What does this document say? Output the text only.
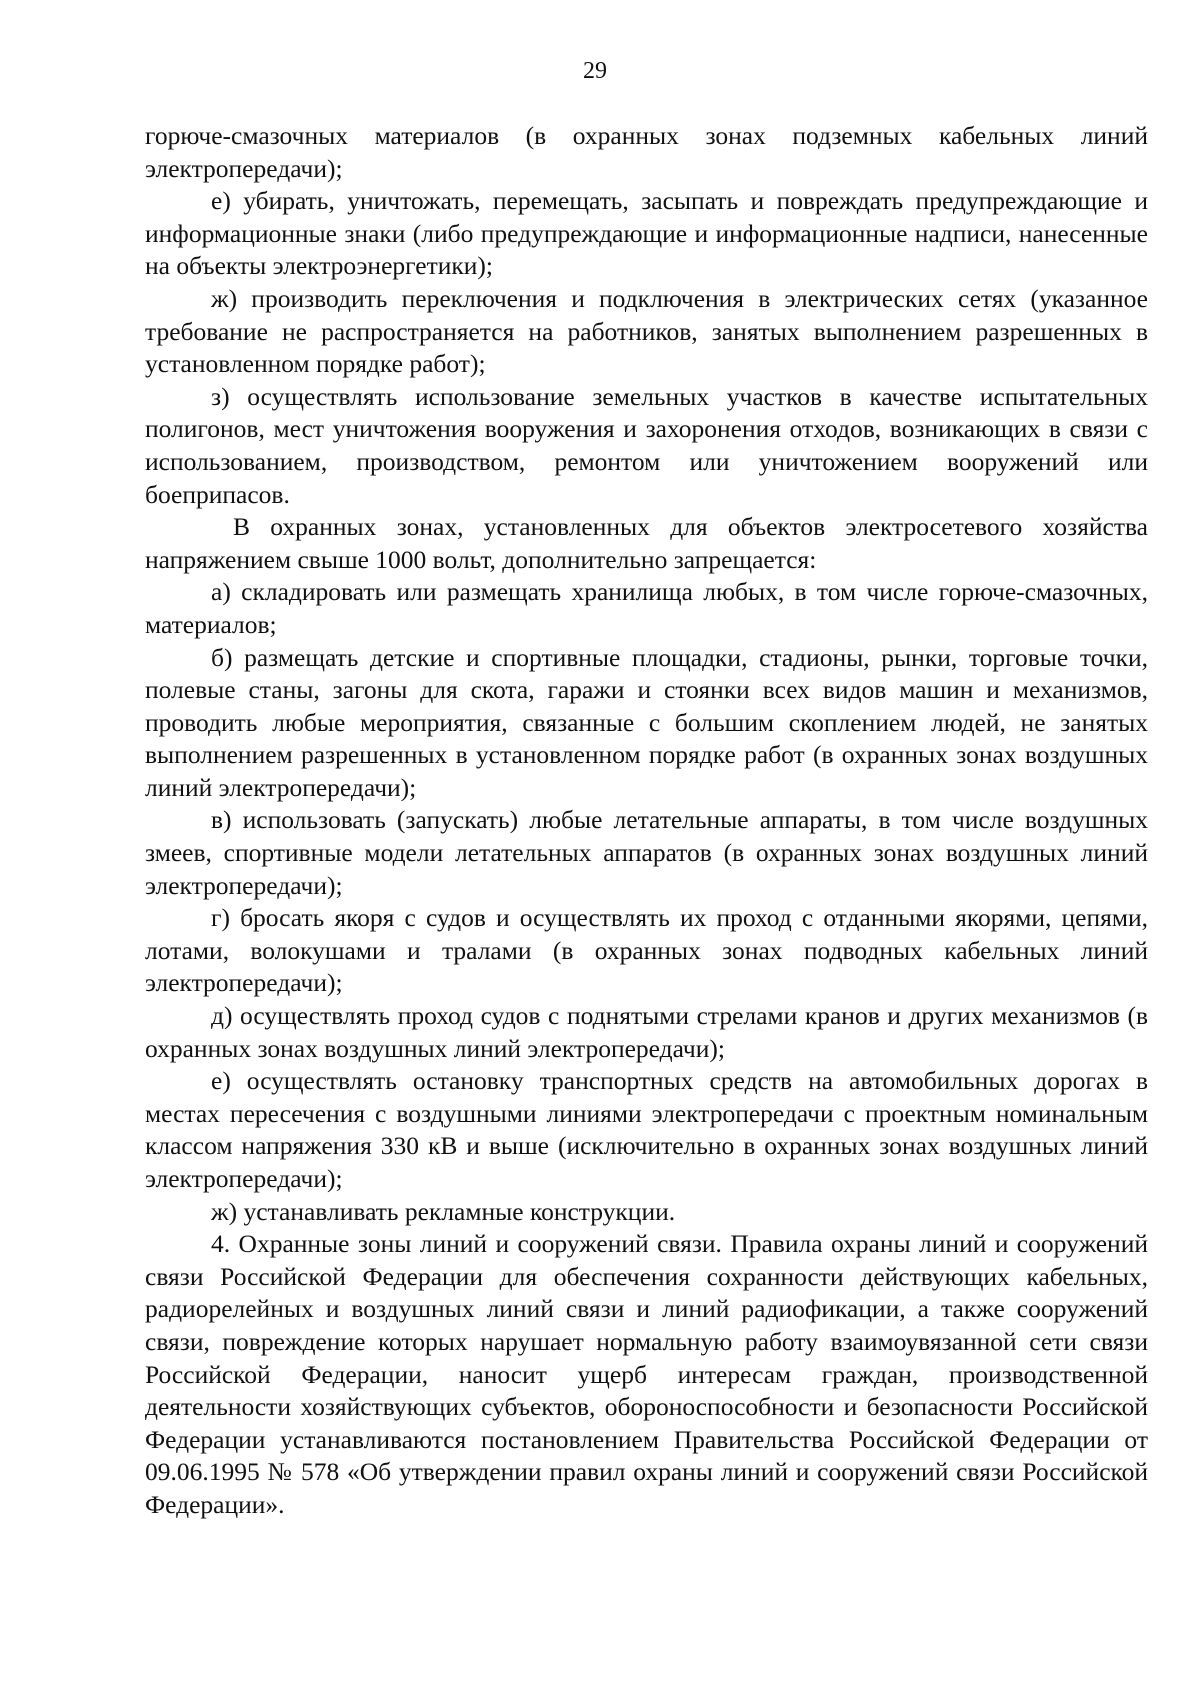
29

горюче-смазочных материалов (в охранных зонах подземных кабельных линий электропередачи);

е) убирать, уничтожать, перемещать, засыпать и повреждать предупреждающие и информационные знаки (либо предупреждающие и информационные надписи, нанесенные на объекты электроэнергетики);

ж) производить переключения и подключения в электрических сетях (указанное требование не распространяется на работников, занятых выполнением разрешенных в установленном порядке работ);

з) осуществлять использование земельных участков в качестве испытательных полигонов, мест уничтожения вооружения и захоронения отходов, возникающих в связи с использованием, производством, ремонтом или уничтожением вооружений или боеприпасов.

В охранных зонах, установленных для объектов электросетевого хозяйства напряжением свыше 1000 вольт, дополнительно запрещается:

а) складировать или размещать хранилища любых, в том числе горюче-смазочных, материалов;

б) размещать детские и спортивные площадки, стадионы, рынки, торговые точки, полевые станы, загоны для скота, гаражи и стоянки всех видов машин и механизмов, проводить любые мероприятия, связанные с большим скоплением людей, не занятых выполнением разрешенных в установленном порядке работ (в охранных зонах воздушных линий электропередачи);

в) использовать (запускать) любые летательные аппараты, в том числе воздушных змеев, спортивные модели летательных аппаратов (в охранных зонах воздушных линий электропередачи);

г) бросать якоря с судов и осуществлять их проход с отданными якорями, цепями, лотами, волокушами и тралами (в охранных зонах подводных кабельных линий электропередачи);

д) осуществлять проход судов с поднятыми стрелами кранов и других механизмов (в охранных зонах воздушных линий электропередачи);

е) осуществлять остановку транспортных средств на автомобильных дорогах в местах пересечения с воздушными линиями электропередачи с проектным номинальным классом напряжения 330 кВ и выше (исключительно в охранных зонах воздушных линий электропередачи);

ж) устанавливать рекламные конструкции.

4. Охранные зоны линий и сооружений связи. Правила охраны линий и сооружений связи Российской Федерации для обеспечения сохранности действующих кабельных, радиорелейных и воздушных линий связи и линий радиофикации, а также сооружений связи, повреждение которых нарушает нормальную работу взаимоувязанной сети связи Российской Федерации, наносит ущерб интересам граждан, производственной деятельности хозяйствующих субъектов, обороноспособности и безопасности Российской Федерации устанавливаются постановлением Правительства Российской Федерации от 09.06.1995 № 578 «Об утверждении правил охраны линий и сооружений связи Российской Федерации».
